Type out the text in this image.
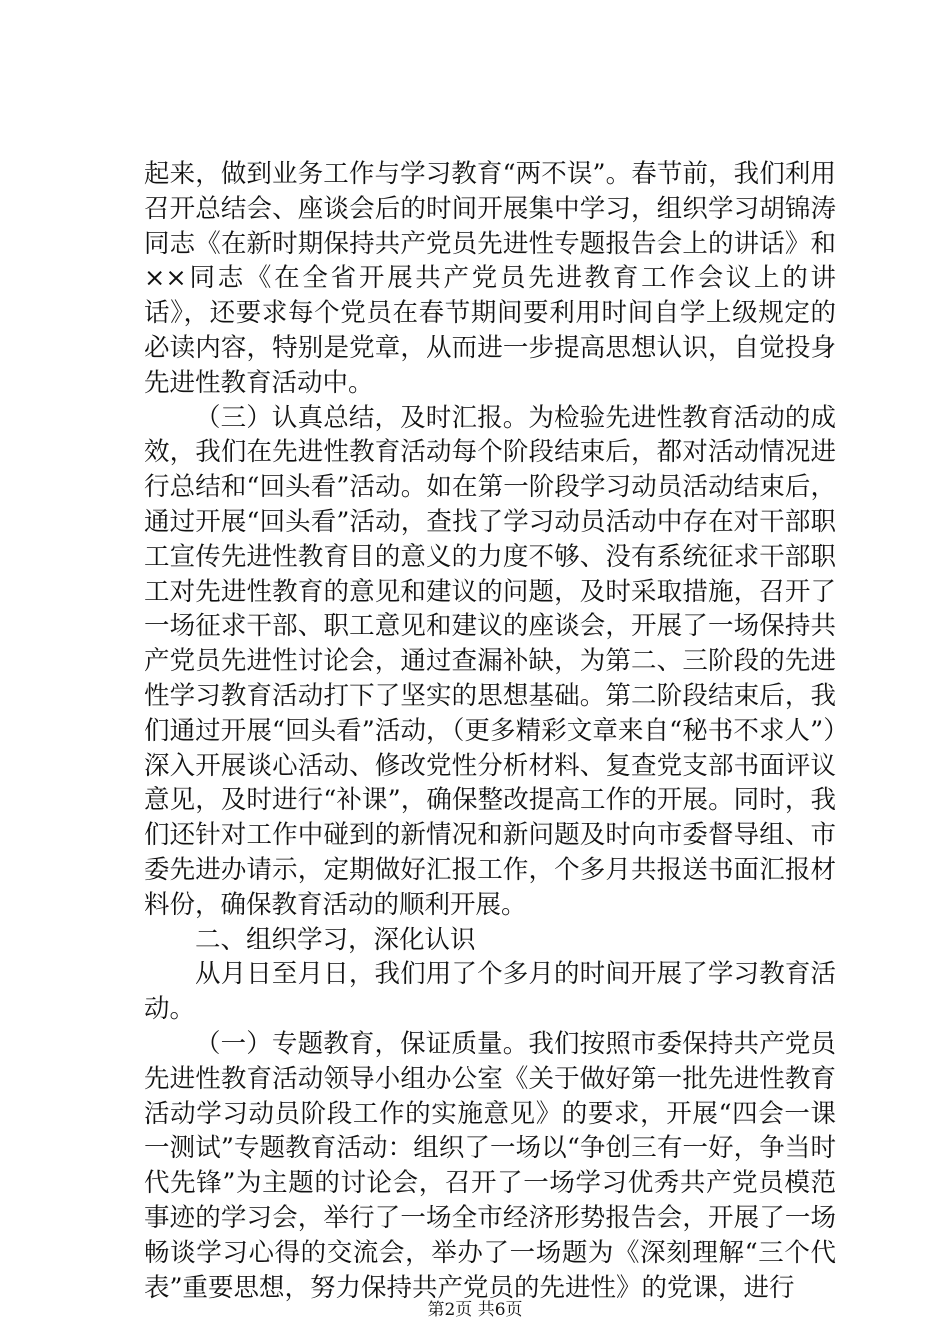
起来，做到业务工作与学习教育“两不误”。春节前，我们利用召开总结会、座谈会后的时间开展集中学习，组织学习胡锦涛同志《在新时期保持共产党员先进性专题报告会上的讲话》和××同志《在全省开展共产党员先进教育工作会议上的讲话》，还要求每个党员在春节期间要利用时间自学上级规定的必读内容，特别是党章，从而进一步提高思想认识，自觉投身先进性教育活动中。

（三）认真总结，及时汇报。为检验先进性教育活动的成效，我们在先进性教育活动每个阶段结束后，都对活动情况进行总结和“回头看”活动。如在第一阶段学习动员活动结束后，通过开展“回头看”活动，查找了学习动员活动中存在对干部职工宣传先进性教育目的意义的力度不够、没有系统征求干部职工对先进性教育的意见和建议的问题，及时采取措施，召开了一场征求干部、职工意见和建议的座谈会，开展了一场保持共产党员先进性讨论会，通过查漏补缺，为第二、三阶段的先进性学习教育活动打下了坚实的思想基础。第二阶段结束后，我们通过开展“回头看”活动，（更多精彩文章来自“秘书不求人”）深入开展谈心活动、修改党性分析材料、复查党支部书面评议意见，及时进行“补课”，确保整改提高工作的开展。同时，我们还针对工作中碰到的新情况和新问题及时向市委督导组、市委先进办请示，定期做好汇报工作，个多月共报送书面汇报材料份，确保教育活动的顺利开展。

二、组织学习，深化认识

从月日至月日，我们用了个多月的时间开展了学习教育活动。

（一）专题教育，保证质量。我们按照市委保持共产党员先进性教育活动领导小组办公室《关于做好第一批先进性教育活动学习动员阶段工作的实施意见》的要求，开展“四会一课一测试”专题教育活动：组织了一场以“争创三有一好，争当时代先锋”为主题的讨论会，召开了一场学习优秀共产党员模范事迹的学习会，举行了一场全市经济形势报告会，开展了一场畅谈学习心得的交流会，举办了一场题为《深刻理解“三个代表”重要思想，努力保持共产党员的先进性》的党课，进行

第2页 共6页
